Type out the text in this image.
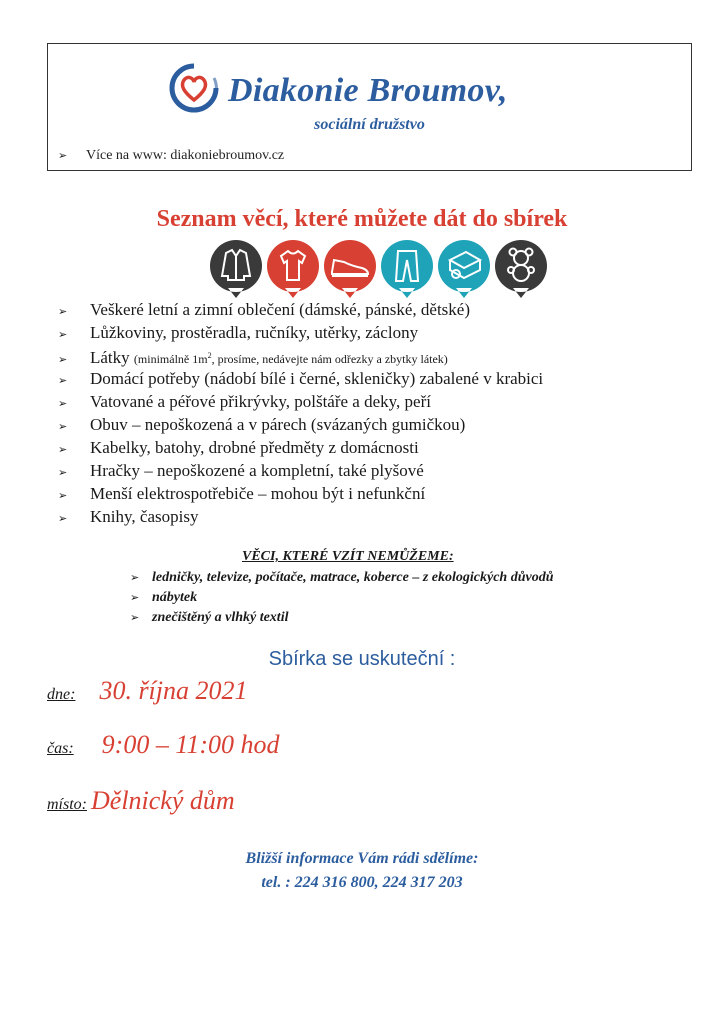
Diakonie Broumov,
sociální družstvo
➢ Více na www: diakoniebroumov.cz
Seznam věcí, které můžete dát do sbírek
➢ Veškeré letní a zimní oblečení (dámské, pánské, dětské)
➢ Lůžkoviny, prostěradla, ručníky, utěrky, záclony
➢ Látky (minimálně $1m^2$, prosíme, nedávejte nám odřezky a zbytky látek)
➢ Domácí potřeby (nádobí bílé i černé, skleničky) zabalené v krabici
➢ Vatované a péřové přikrývky, polštáře a deky, peří
➢ Obuv – nepoškozená a v párech (svázaných gumičkou)
➢ Kabelky, batohy, drobné předměty z domácnosti
➢ Hračky – nepoškozené a kompletní, také plyšové
➢ Menší elektrospotřebiče – mohou být i nefunkční
➢ Knihy, časopisy
VĚCI, KTERÉ VZÍT NEMŮŽEME:
➢ ledničky, televize, počítače, matrace, koberce – z ekologických důvodů
➢ nábytek
➢ znečištěný a vlhký textil
Sbírka se uskuteční :
dne: 30. října 2021
čas: 9:00 – 11:00 hod
místo: Dělnický dům
Bližší informace Vám rádi sdělíme:
tel. : 224 316 800, 224 317 203
